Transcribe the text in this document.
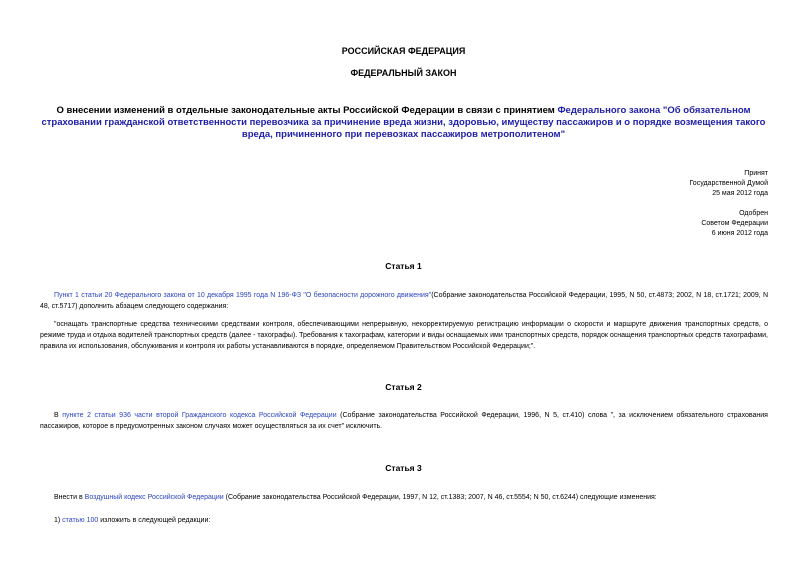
РОССИЙСКАЯ ФЕДЕРАЦИЯ
ФЕДЕРАЛЬНЫЙ ЗАКОН
О внесении изменений в отдельные законодательные акты Российской Федерации в связи с принятием Федерального закона "Об обязательном страховании гражданской ответственности перевозчика за причинение вреда жизни, здоровью, имуществу пассажиров и о порядке возмещения такого вреда, причиненного при перевозках пассажиров метрополитеном"
Принят
Государственной Думой
25 мая 2012 года
Одобрен
Советом Федерации
6 июня 2012 года
Статья 1
Пункт 1 статьи 20 Федерального закона от 10 декабря 1995 года N 196-ФЗ "О безопасности дорожного движения"(Собрание законодательства Российской Федерации, 1995, N 50, ст.4873; 2002, N 18, ст.1721; 2009, N 48, ст.5717) дополнить абзацем следующего содержания:
"оснащать транспортные средства техническими средствами контроля, обеспечивающими непрерывную, некорректируемую регистрацию информации о скорости и маршруте движения транспортных средств, о режиме труда и отдыха водителей транспортных средств (далее - тахографы). Требования к тахографам, категории и виды оснащаемых ими транспортных средств, порядок оснащения транспортных средств тахографами, правила их использования, обслуживания и контроля их работы устанавливаются в порядке, определяемом Правительством Российской Федерации;".
Статья 2
В пункте 2 статьи 936 части второй Гражданского кодекса Российской Федерации (Собрание законодательства Российской Федерации, 1996, N 5, ст.410) слова ", за исключением обязательного страхования пассажиров, которое в предусмотренных законом случаях может осуществляться за их счет" исключить.
Статья 3
Внести в Воздушный кодекс Российской Федерации (Собрание законодательства Российской Федерации, 1997, N 12, ст.1383; 2007, N 46, ст.5554; N 50, ст.6244) следующие изменения:
1) статью 100 изложить в следующей редакции:
